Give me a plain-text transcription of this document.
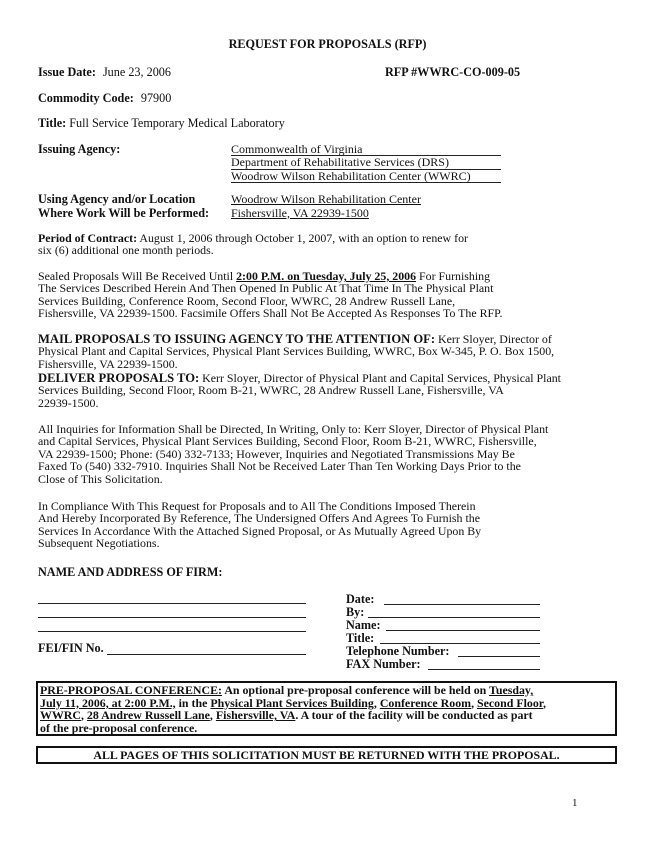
REQUEST FOR PROPOSALS (RFP)
Issue Date: June 23, 2006	RFP #WWRC-CO-009-05
Commodity Code: 97900
Title: Full Service Temporary Medical Laboratory
Issuing Agency:	Commonwealth of Virginia
Department of Rehabilitative Services (DRS)
Woodrow Wilson Rehabilitation Center (WWRC)
Using Agency and/or Location
Where Work Will be Performed:
Woodrow Wilson Rehabilitation Center
Fishersville, VA 22939-1500
Period of Contract: August 1, 2006 through October 1, 2007, with an option to renew for
six (6) additional one month periods.
Sealed Proposals Will Be Received Until 2:00 P.M. on Tuesday, July 25, 2006 For Furnishing
The Services Described Herein And Then Opened In Public At That Time In The Physical Plant
Services Building, Conference Room, Second Floor, WWRC, 28 Andrew Russell Lane,
Fishersville, VA 22939-1500. Facsimile Offers Shall Not Be Accepted As Responses To The RFP.
MAIL PROPOSALS TO ISSUING AGENCY TO THE ATTENTION OF: Kerr Sloyer, Director of
Physical Plant and Capital Services, Physical Plant Services Building, WWRC, Box W-345, P. O. Box 1500,
Fishersville, VA 22939-1500.
DELIVER PROPOSALS TO: Kerr Sloyer, Director of Physical Plant and Capital Services, Physical Plant
Services Building, Second Floor, Room B-21, WWRC, 28 Andrew Russell Lane, Fishersville, VA
22939-1500.
All Inquiries for Information Shall be Directed, In Writing, Only to: Kerr Sloyer, Director of Physical Plant
and Capital Services, Physical Plant Services Building, Second Floor, Room B-21, WWRC, Fishersville,
VA 22939-1500; Phone: (540) 332-7133; However, Inquiries and Negotiated Transmissions May Be
Faxed To (540) 332-7910. Inquiries Shall Not be Received Later Than Ten Working Days Prior to the
Close of This Solicitation.
In Compliance With This Request for Proposals and to All The Conditions Imposed Therein
And Hereby Incorporated By Reference, The Undersigned Offers And Agrees To Furnish the
Services In Accordance With the Attached Signed Proposal, or As Mutually Agreed Upon By
Subsequent Negotiations.
NAME AND ADDRESS OF FIRM:
FEI/FIN No.
Date:
By:
Name:
Title:
Telephone Number:
FAX Number:
PRE-PROPOSAL CONFERENCE: An optional pre-proposal conference will be held on Tuesday,
July 11, 2006, at 2:00 P.M., in the Physical Plant Services Building, Conference Room, Second Floor,
WWRC, 28 Andrew Russell Lane, Fishersville, VA. A tour of the facility will be conducted as part
of the pre-proposal conference.
ALL PAGES OF THIS SOLICITATION MUST BE RETURNED WITH THE PROPOSAL.
1
